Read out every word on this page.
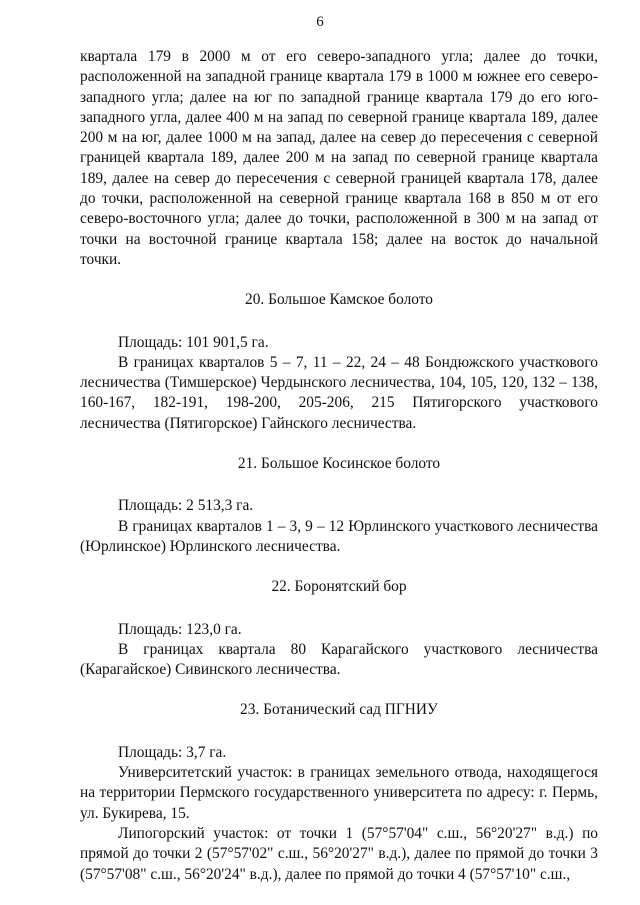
6

квартала 179 в 2000 м от его северо-западного угла; далее до точки, расположенной на западной границе квартала 179 в 1000 м южнее его северо-западного угла; далее на юг по западной границе квартала 179 до его юго-западного угла, далее 400 м на запад по северной границе квартала 189, далее 200 м на юг, далее 1000 м на запад, далее на север до пересечения с северной границей квартала 189, далее 200 м на запад по северной границе квартала 189, далее на север до пересечения с северной границей квартала 178, далее до точки, расположенной на северной границе квартала 168 в 850 м от его северо-восточного угла; далее до точки, расположенной в 300 м на запад от точки на восточной границе квартала 158; далее на восток до начальной точки.

20. Большое Камское болото

Площадь: 101 901,5 га.

В границах кварталов 5 – 7, 11 – 22, 24 – 48 Бондюжского участкового лесничества (Тимшерское) Чердынского лесничества, 104, 105, 120, 132 – 138, 160-167, 182-191, 198-200, 205-206, 215 Пятигорского участкового лесничества (Пятигорское) Гайнского лесничества.

21. Большое Косинское болото

Площадь: 2 513,3 га.

В границах кварталов 1 – 3, 9 – 12 Юрлинского участкового лесничества (Юрлинское) Юрлинского лесничества.

22. Боронятский бор

Площадь: 123,0 га.

В границах квартала 80 Карагайского участкового лесничества (Карагайское) Сивинского лесничества.

23. Ботанический сад ПГНИУ

Площадь: 3,7 га.

Университетский участок: в границах земельного отвода, находящегося на территории Пермского государственного университета по адресу: г. Пермь, ул. Букирева, 15.

Липогорский участок: от точки 1 (57°57'04" с.ш., 56°20'27" в.д.) по прямой до точки 2 (57°57'02" с.ш., 56°20'27" в.д.), далее по прямой до точки 3 (57°57'08" с.ш., 56°20'24" в.д.), далее по прямой до точки 4 (57°57'10" с.ш.,
